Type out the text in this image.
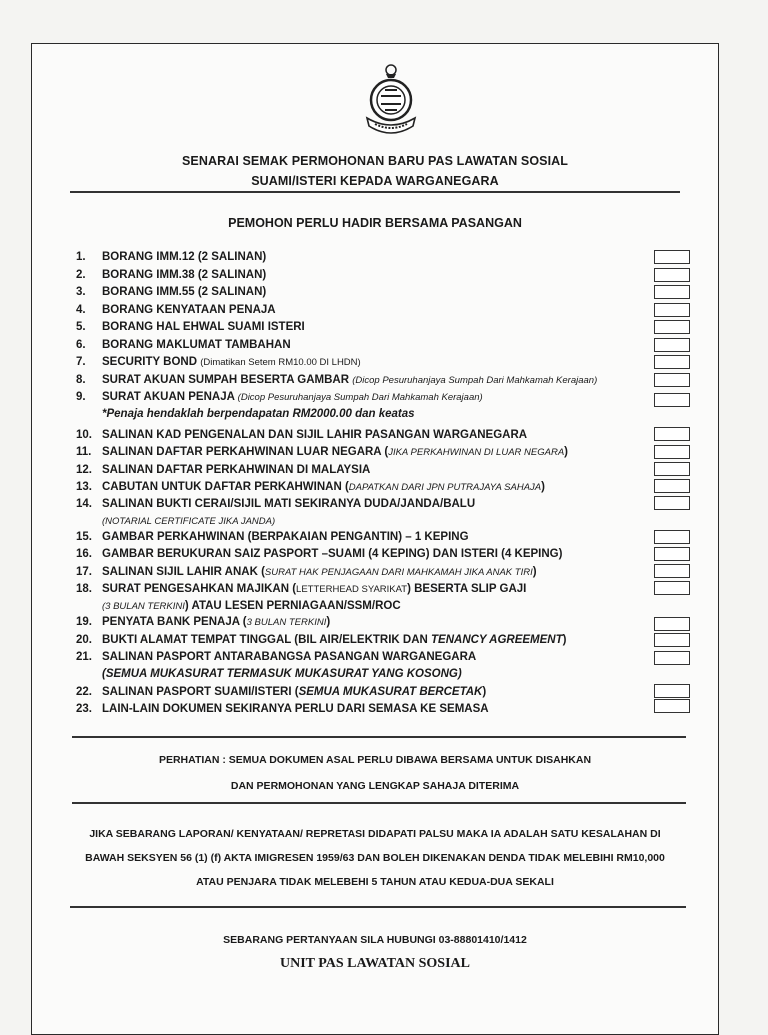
SENARAI SEMAK PERMOHONAN BARU PAS LAWATAN SOSIAL
SUAMI/ISTERI KEPADA WARGANEGARA
PEMOHON PERLU HADIR BERSAMA PASANGAN
1. BORANG IMM.12 (2 SALINAN)
2. BORANG IMM.38 (2 SALINAN)
3. BORANG IMM.55 (2 SALINAN)
4. BORANG KENYATAAN PENAJA
5. BORANG HAL EHWAL SUAMI ISTERI
6. BORANG MAKLUMAT TAMBAHAN
7. SECURITY BOND (Dimatikan Setem RM10.00 DI LHDN)
8. SURAT AKUAN SUMPAH BESERTA GAMBAR (Dicop Pesuruhanjaya Sumpah Dari Mahkamah Kerajaan)
9. SURAT AKUAN PENAJA (Dicop Pesuruhanjaya Sumpah Dari Mahkamah Kerajaan)
*Penaja hendaklah berpendapatan RM2000.00 dan keatas
10. SALINAN KAD PENGENALAN DAN SIJIL LAHIR PASANGAN WARGANEGARA
11. SALINAN DAFTAR PERKAHWINAN LUAR NEGARA (JIKA PERKAHWINAN DI LUAR NEGARA)
12. SALINAN DAFTAR PERKAHWINAN DI MALAYSIA
13. CABUTAN UNTUK DAFTAR PERKAHWINAN (DAPATKAN DARI JPN PUTRAJAYA SAHAJA)
14. SALINAN BUKTI CERAI/SIJIL MATI SEKIRANYA DUDA/JANDA/BALU
(NOTARIAL CERTIFICATE JIKA JANDA)
15. GAMBAR PERKAHWINAN (BERPAKAIAN PENGANTIN) – 1 KEPING
16. GAMBAR BERUKURAN SAIZ PASPORT –SUAMI (4 KEPING) DAN ISTERI (4 KEPING)
17. SALINAN SIJIL LAHIR ANAK (SURAT HAK PENJAGAAN DARI MAHKAMAH JIKA ANAK TIRI)
18. SURAT PENGESAHKAN MAJIKAN (LETTERHEAD SYARIKAT) BESERTA SLIP GAJI
(3 BULAN TERKINI) ATAU LESEN PERNIAGAAN/SSM/ROC
19. PENYATA BANK PENAJA (3 BULAN TERKINI)
20. BUKTI ALAMAT TEMPAT TINGGAL (BIL AIR/ELEKTRIK DAN TENANCY AGREEMENT)
21. SALINAN PASPORT ANTARABANGSA PASANGAN WARGANEGARA
(SEMUA MUKASURAT TERMASUK MUKASURAT YANG KOSONG)
22. SALINAN PASPORT SUAMI/ISTERI (SEMUA MUKASURAT BERCETAK)
23. LAIN-LAIN DOKUMEN SEKIRANYA PERLU DARI SEMASA KE SEMASA
PERHATIAN : SEMUA DOKUMEN ASAL PERLU DIBAWA BERSAMA UNTUK DISAHKAN
DAN PERMOHONAN YANG LENGKAP SAHAJA DITERIMA
JIKA SEBARANG LAPORAN/ KENYATAAN/ REPRETASI DIDAPATI PALSU MAKA IA ADALAH SATU KESALAHAN DI
BAWAH SEKSYEN 56 (1) (f) AKTA IMIGRESEN 1959/63 DAN BOLEH DIKENAKAN DENDA TIDAK MELEBIHI RM10,000
ATAU PENJARA TIDAK MELEBEHI 5 TAHUN ATAU KEDUA-DUA SEKALI
SEBARANG PERTANYAAN SILA HUBUNGI 03-88801410/1412
UNIT PAS LAWATAN SOSIAL
